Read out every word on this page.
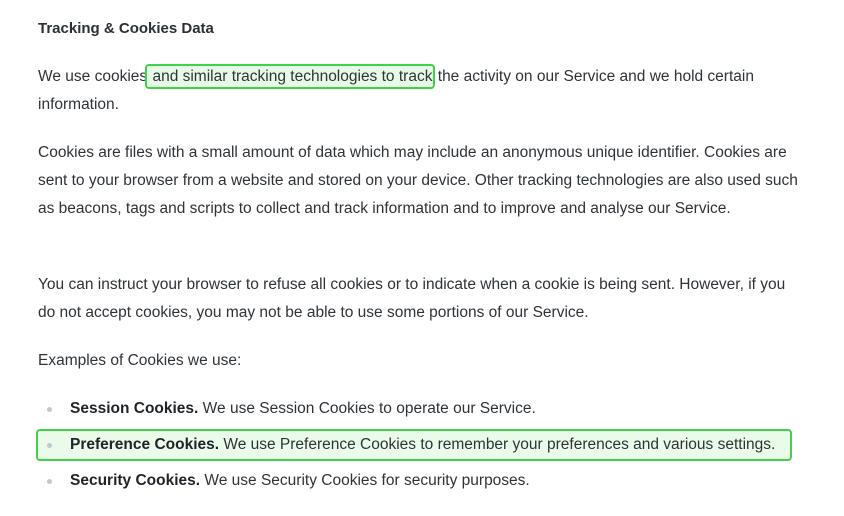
Tracking & Cookies Data

We use cookies and similar tracking technologies to track the activity on our Service and we hold certain information.

Cookies are files with a small amount of data which may include an anonymous unique identifier. Cookies are sent to your browser from a website and stored on your device. Other tracking technologies are also used such as beacons, tags and scripts to collect and track information and to improve and analyse our Service.

You can instruct your browser to refuse all cookies or to indicate when a cookie is being sent. However, if you do not accept cookies, you may not be able to use some portions of our Service.

Examples of Cookies we use:

Session Cookies. We use Session Cookies to operate our Service.
Preference Cookies. We use Preference Cookies to remember your preferences and various settings.
Security Cookies. We use Security Cookies for security purposes.
